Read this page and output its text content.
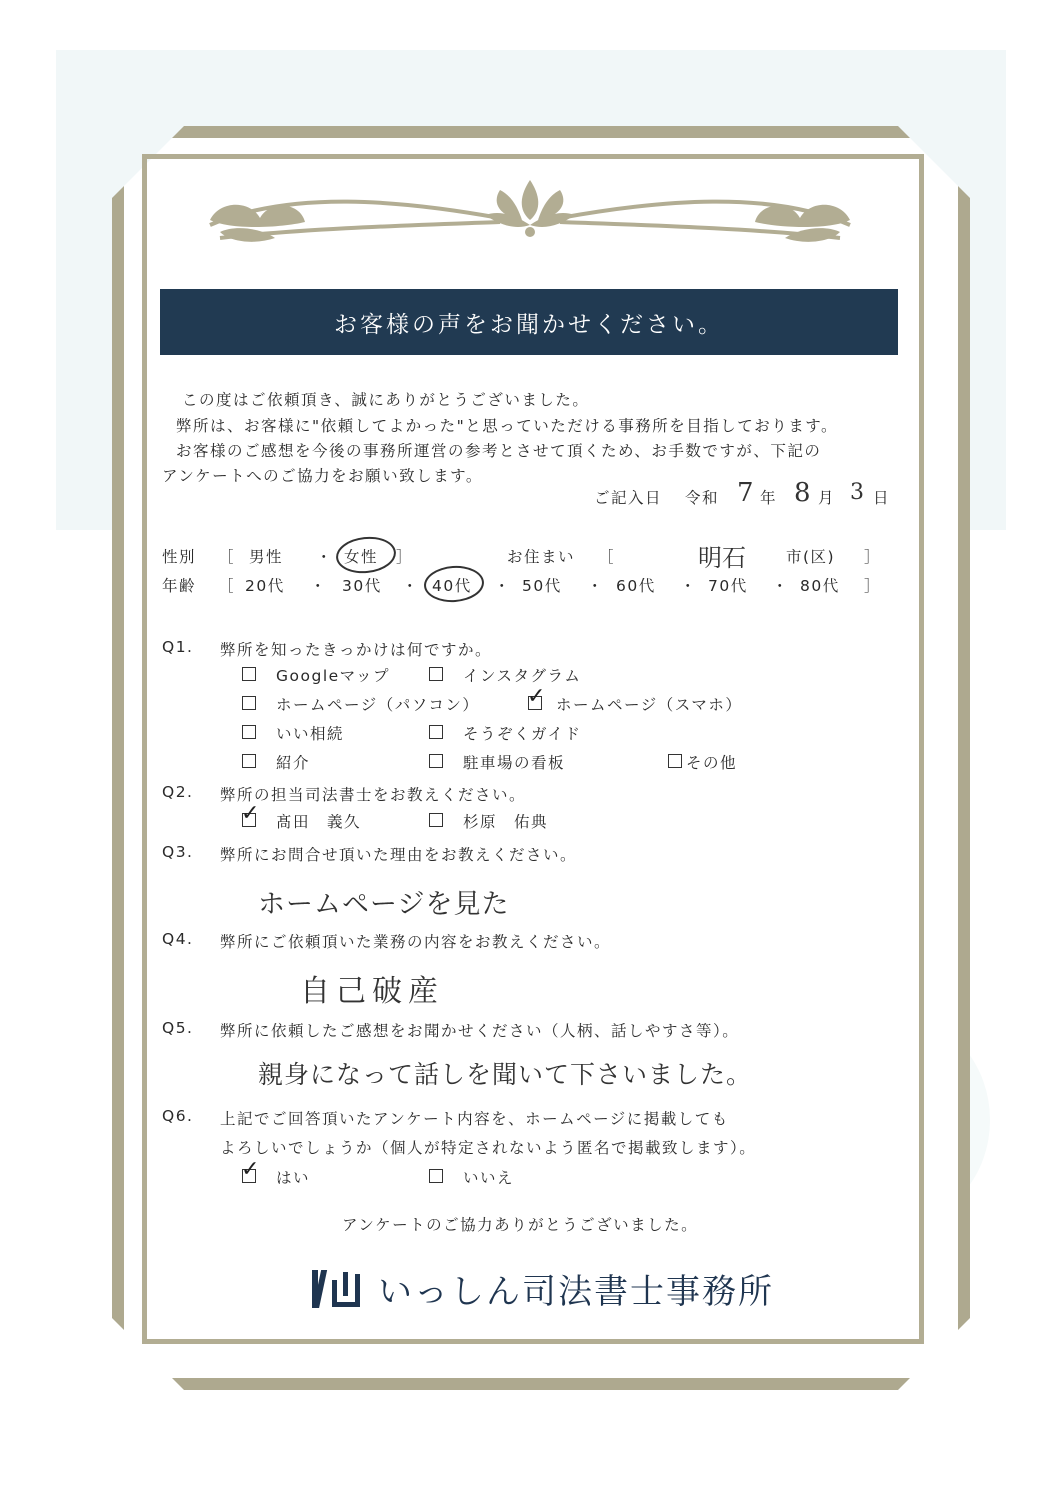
お客様の声をお聞かせください。
この度はご依頼頂き、誠にありがとうございました。
弊所は、お客様に"依頼してよかった"と思っていただける事務所を目指しております。
お客様のご感想を今後の事務所運営の参考とさせて頂くため、お手数ですが、下記の
アンケートへのご協力をお願い致します。
ご記入日 令和 7 年 8 月 3 日
性別 ［ 男性 ・ 女性 ］	お住まい ［	明石	市(区) ］
年齢 ［ 20代 ・ 30代 ・ 40代 ・ 50代 ・ 60代 ・ 70代 ・ 80代 ］
Q1. 弊所を知ったきっかけは何ですか。
Googleマップ	インスタグラム
ホームページ（パソコン） ✓ ホームページ（スマホ）
いい相続	そうぞくガイド
紹介	駐車場の看板	その他
Q2. 弊所の担当司法書士をお教えください。
✓ 髙田　義久	杉原　佑典
Q3. 弊所にお問合せ頂いた理由をお教えください。
ホームページを見た
Q4. 弊所にご依頼頂いた業務の内容をお教えください。
自己破産
Q5. 弊所に依頼したご感想をお聞かせください（人柄、話しやすさ等）。
親身になって話しを聞いて下さいました。
Q6. 上記でご回答頂いたアンケート内容を、ホームページに掲載しても
よろしいでしょうか（個人が特定されないよう匿名で掲載致します）。
✓ はい	いいえ
アンケートのご協力ありがとうございました。
いっしん司法書士事務所
